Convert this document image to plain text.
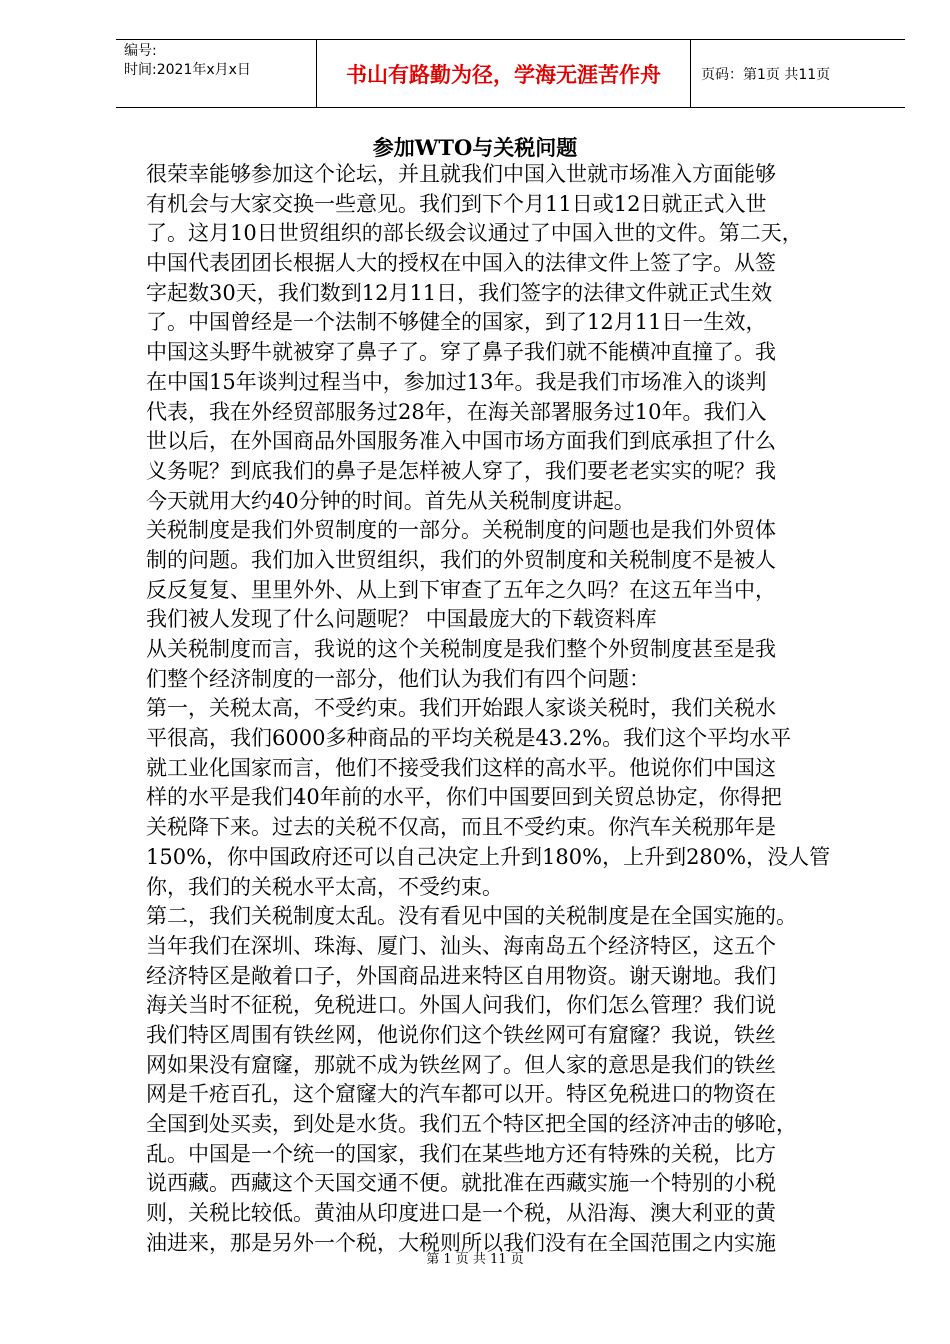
编号:
时间:2021年x月x日	书山有路勤为径，学海无涯苦作舟	页码：第1页 共11页
参加WTO与关税问题
很荣幸能够参加这个论坛，并且就我们中国入世就市场准入方面能够
有机会与大家交换一些意见。我们到下个月11日或12日就正式入世
了。这月10日世贸组织的部长级会议通过了中国入世的文件。第二天，
中国代表团团长根据人大的授权在中国入的法律文件上签了字。从签
字起数30天，我们数到12月11日，我们签字的法律文件就正式生效
了。中国曾经是一个法制不够健全的国家，到了12月11日一生效，
中国这头野牛就被穿了鼻子了。穿了鼻子我们就不能横冲直撞了。我
在中国15年谈判过程当中，参加过13年。我是我们市场准入的谈判
代表，我在外经贸部服务过28年，在海关部署服务过10年。我们入
世以后，在外国商品外国服务准入中国市场方面我们到底承担了什么
义务呢？到底我们的鼻子是怎样被人穿了，我们要老老实实的呢？我
今天就用大约40分钟的时间。首先从关税制度讲起。
关税制度是我们外贸制度的一部分。关税制度的问题也是我们外贸体
制的问题。我们加入世贸组织，我们的外贸制度和关税制度不是被人
反反复复、里里外外、从上到下审查了五年之久吗？在这五年当中，
我们被人发现了什么问题呢？ 中国最庞大的下载资料库
从关税制度而言，我说的这个关税制度是我们整个外贸制度甚至是我
们整个经济制度的一部分，他们认为我们有四个问题：
第一，关税太高，不受约束。我们开始跟人家谈关税时，我们关税水
平很高，我们6000多种商品的平均关税是43.2%。我们这个平均水平
就工业化国家而言，他们不接受我们这样的高水平。他说你们中国这
样的水平是我们40年前的水平，你们中国要回到关贸总协定，你得把
关税降下来。过去的关税不仅高，而且不受约束。你汽车关税那年是
150%，你中国政府还可以自己决定上升到180%，上升到280%，没人管
你，我们的关税水平太高，不受约束。
第二，我们关税制度太乱。没有看见中国的关税制度是在全国实施的。
当年我们在深圳、珠海、厦门、汕头、海南岛五个经济特区，这五个
经济特区是敞着口子，外国商品进来特区自用物资。谢天谢地。我们
海关当时不征税，免税进口。外国人问我们，你们怎么管理？我们说
我们特区周围有铁丝网，他说你们这个铁丝网可有窟窿？我说，铁丝
网如果没有窟窿，那就不成为铁丝网了。但人家的意思是我们的铁丝
网是千疮百孔，这个窟窿大的汽车都可以开。特区免税进口的物资在
全国到处买卖，到处是水货。我们五个特区把全国的经济冲击的够呛，
乱。中国是一个统一的国家，我们在某些地方还有特殊的关税，比方
说西藏。西藏这个天国交通不便。就批准在西藏实施一个特别的小税
则，关税比较低。黄油从印度进口是一个税，从沿海、澳大利亚的黄
油进来，那是另外一个税，大税则所以我们没有在全国范围之内实施
第 1 页 共 11 页
